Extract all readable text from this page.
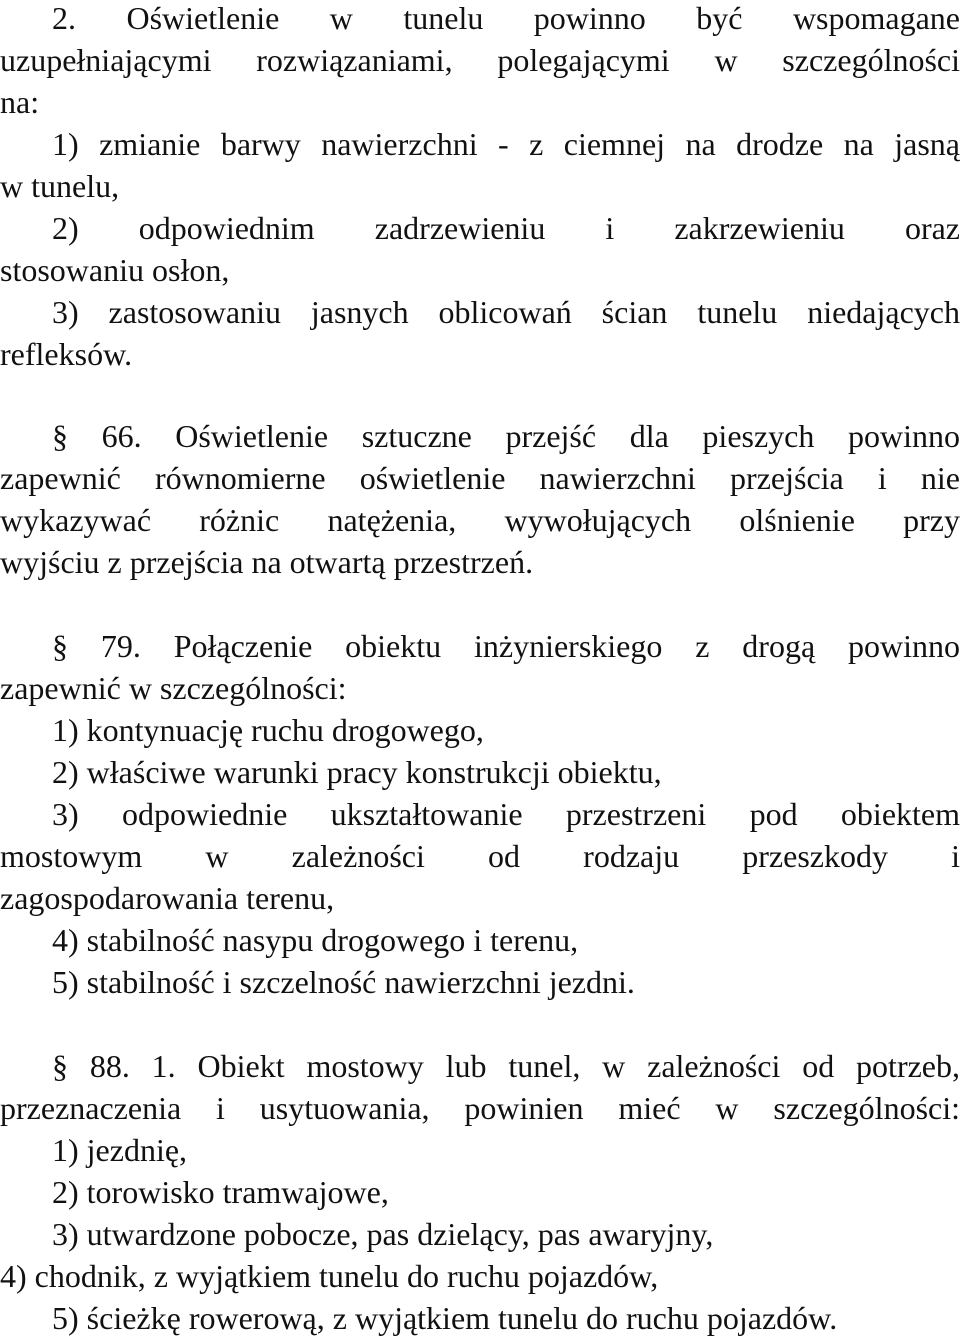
2. Oświetlenie w tunelu powinno być wspomagane
uzupełniającymi rozwiązaniami, polegającymi w szczególności
na:
1) zmianie barwy nawierzchni - z ciemnej na drodze na jasną
w tunelu,
2) odpowiednim zadrzewieniu i zakrzewieniu oraz
stosowaniu osłon,
3) zastosowaniu jasnych oblicowań ścian tunelu niedających
refleksów.
§ 66. Oświetlenie sztuczne przejść dla pieszych powinno
zapewnić równomierne oświetlenie nawierzchni przejścia i nie
wykazywać różnic natężenia, wywołujących olśnienie przy
wyjściu z przejścia na otwartą przestrzeń.
§ 79. Połączenie obiektu inżynierskiego z drogą powinno
zapewnić w szczególności:
1) kontynuację ruchu drogowego,
2) właściwe warunki pracy konstrukcji obiektu,
3) odpowiednie ukształtowanie przestrzeni pod obiektem
mostowym w zależności od rodzaju przeszkody i
zagospodarowania terenu,
4) stabilność nasypu drogowego i terenu,
5) stabilność i szczelność nawierzchni jezdni.
§ 88. 1. Obiekt mostowy lub tunel, w zależności od potrzeb,
przeznaczenia i usytuowania, powinien mieć w szczególności:
1) jezdnię,
2) torowisko tramwajowe,
3) utwardzone pobocze, pas dzielący, pas awaryjny,
4) chodnik, z wyjątkiem tunelu do ruchu pojazdów,
5) ścieżkę rowerową, z wyjątkiem tunelu do ruchu pojazdów.
